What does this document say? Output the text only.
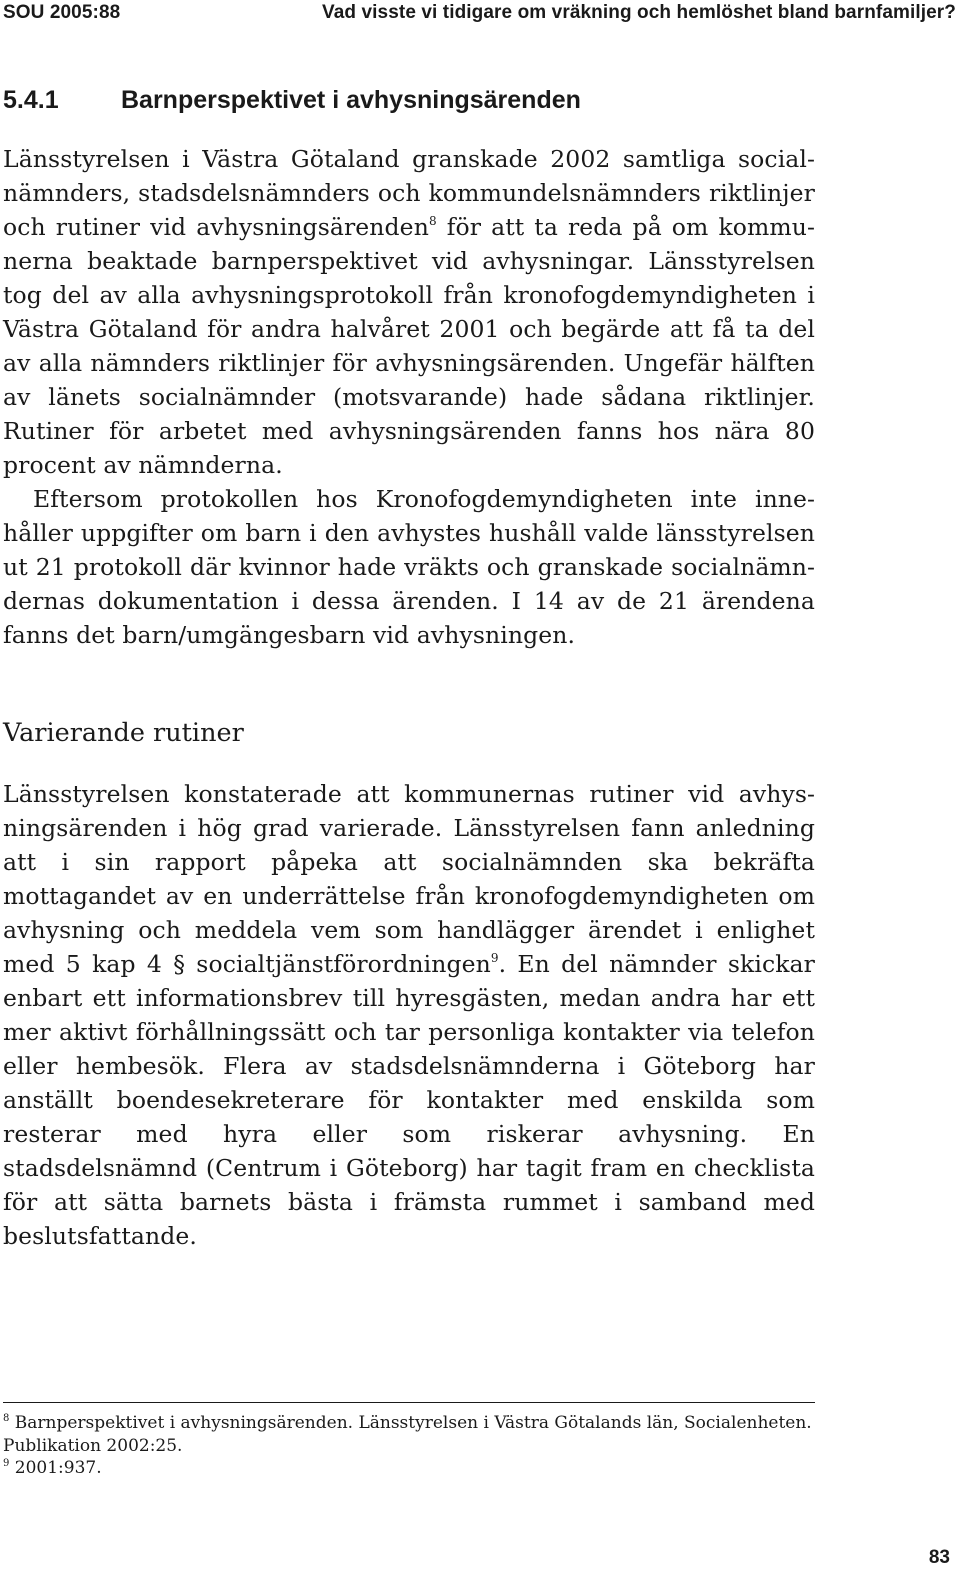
SOU 2005:88	Vad visste vi tidigare om vräkning och hemlöshet bland barnfamiljer?
5.4.1 Barnperspektivet i avhysningsärenden

Länsstyrelsen i Västra Götaland granskade 2002 samtliga socialnämnders, stadsdelsnämnders och kommundelsnämnders riktlinjer och rutiner vid avhysningsärenden$^8$ för att ta reda på om kommunerna beaktade barnperspektivet vid avhysningar. Länsstyrelsen tog del av alla avhysningsprotokoll från kronofogdemyndigheten i Västra Götaland för andra halvåret 2001 och begärde att få ta del av alla nämnders riktlinjer för avhysningsärenden. Ungefär hälften av länets socialnämnder (motsvarande) hade sådana riktlinjer. Rutiner för arbetet med avhysningsärenden fanns hos nära 80 procent av nämnderna.

Eftersom protokollen hos Kronofogdemyndigheten inte innehåller uppgifter om barn i den avhystes hushåll valde länsstyrelsen ut 21 protokoll där kvinnor hade vräkts och granskade socialnämndernas dokumentation i dessa ärenden. I 14 av de 21 ärendena fanns det barn/umgängesbarn vid avhysningen.

Varierande rutiner

Länsstyrelsen konstaterade att kommunernas rutiner vid avhysningsärenden i hög grad varierade. Länsstyrelsen fann anledning att i sin rapport påpeka att socialnämnden ska bekräfta mottagandet av en underrättelse från kronofogdemyndigheten om avhysning och meddela vem som handlägger ärendet i enlighet med 5 kap 4 § socialtjänstförordningen$^9$. En del nämnder skickar enbart ett informationsbrev till hyresgästen, medan andra har ett mer aktivt förhållningssätt och tar personliga kontakter via telefon eller hembesök. Flera av stadsdelsnämnderna i Göteborg har anställt boendesekreterare för kontakter med enskilda som resterar med hyra eller som riskerar avhysning. En stadsdelsnämnd (Centrum i Göteborg) har tagit fram en checklista för att sätta barnets bästa i främsta rummet i samband med beslutsfattande.

$^8$ Barnperspektivet i avhysningsärenden. Länsstyrelsen i Västra Götalands län, Socialenheten.
Publikation 2002:25.

$^9$ 2001:937.

83
